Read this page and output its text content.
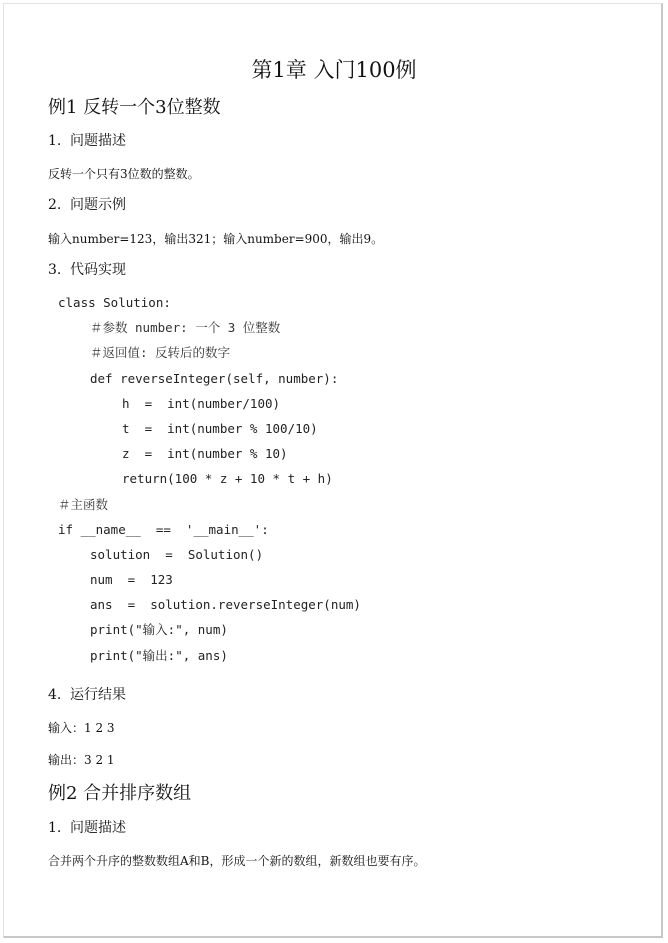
第1章 入门100例
例1 反转一个3位整数
1. 问题描述

反转一个只有3位数的整数。

2. 问题示例

输入number=123，输出321；输入number=900，输出9。

3. 代码实现
class Solution:
＃参数 number: 一个 3 位整数
＃返回值: 反转后的数字
def reverseInteger(self, number):
h  =  int(number/100)
t  =  int(number % 100/10)
z  =  int(number % 10)
return(100 * z + 10 * t + h)
＃主函数
if __name__  ==  '__main__':
solution  =  Solution()
num  =  123
ans  =  solution.reverseInteger(num)
print("输入:", num)
print("输出:", ans)
4. 运行结果

输入：1 2 3

输出：3 2 1

例2 合并排序数组
1. 问题描述

合并两个升序的整数数组A和B，形成一个新的数组，新数组也要有序。
